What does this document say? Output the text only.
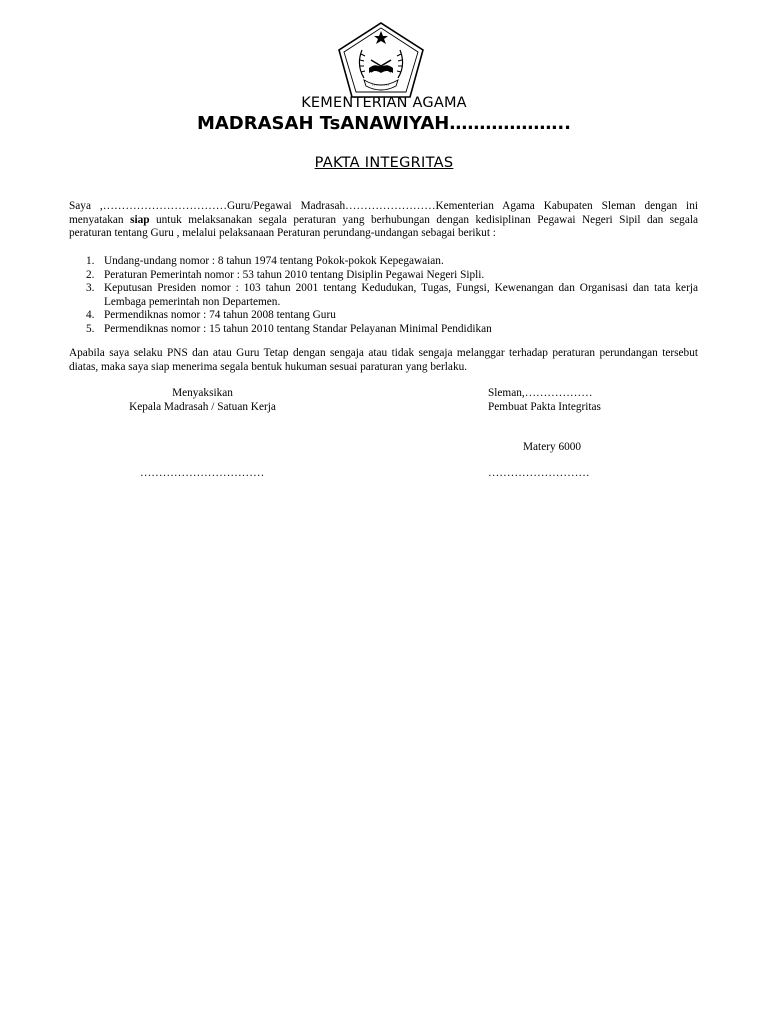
KEMENTERIAN AGAMA
MADRASAH TsANAWIYAH………………..
PAKTA INTEGRITAS
Saya ,……………………………Guru/Pegawai Madrasah……………………Kementerian Agama Kabupaten Sleman dengan ini
menyatakan siap untuk melaksanakan segala peraturan yang berhubungan dengan kedisiplinan Pegawai Negeri Sipil dan segala
peraturan tentang Guru , melalui pelaksanaan Peraturan perundang-undangan sebagai berikut :
1. Undang-undang nomor : 8 tahun 1974 tentang Pokok-pokok Kepegawaian.
2. Peraturan Pemerintah nomor : 53 tahun 2010 tentang Disiplin Pegawai Negeri Sipli.
3. Keputusan Presiden nomor : 103 tahun 2001 tentang Kedudukan, Tugas, Fungsi, Kewenangan dan Organisasi dan tata kerja Lembaga pemerintah non Departemen.
4. Permendiknas nomor : 74 tahun 2008 tentang Guru
5. Permendiknas nomor : 15 tahun 2010 tentang Standar Pelayanan Minimal Pendidikan
Apabila saya selaku PNS dan atau Guru Tetap dengan sengaja atau tidak sengaja melanggar terhadap peraturan perundangan tersebut
diatas, maka saya siap menerima segala bentuk hukuman sesuai paraturan yang berlaku.
Menyaksikan
Kepala Madrasah / Satuan Kerja
Sleman,………………
Pembuat Pakta Integritas
Matery 6000
……………………………	………………………
